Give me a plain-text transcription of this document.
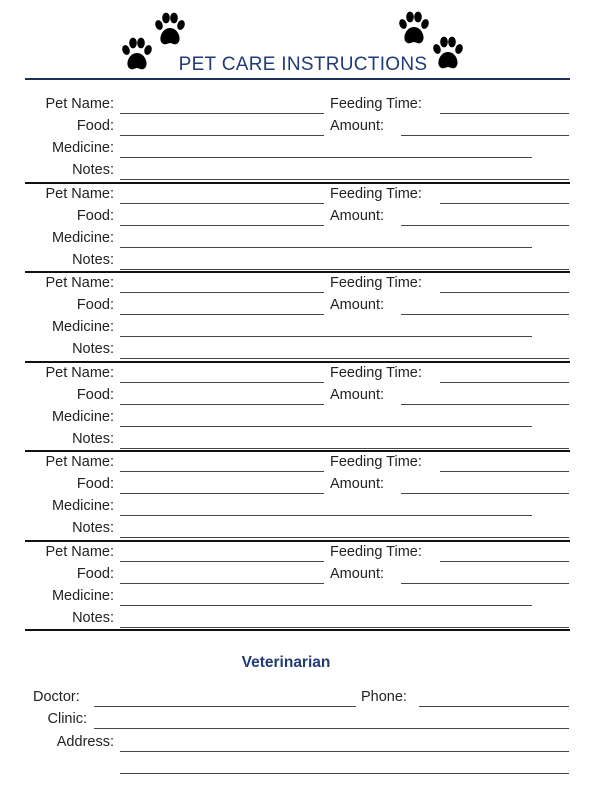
PET CARE INSTRUCTIONS
Pet Name:	Feeding Time:
Food:	Amount:
Medicine:
Notes:
Pet Name:	Feeding Time:
Food:	Amount:
Medicine:
Notes:
Pet Name:	Feeding Time:
Food:	Amount:
Medicine:
Notes:
Pet Name:	Feeding Time:
Food:	Amount:
Medicine:
Notes:
Pet Name:	Feeding Time:
Food:	Amount:
Medicine:
Notes:
Pet Name:	Feeding Time:
Food:	Amount:
Medicine:
Notes:
Veterinarian
Doctor:	Phone:
Clinic:
Address:
